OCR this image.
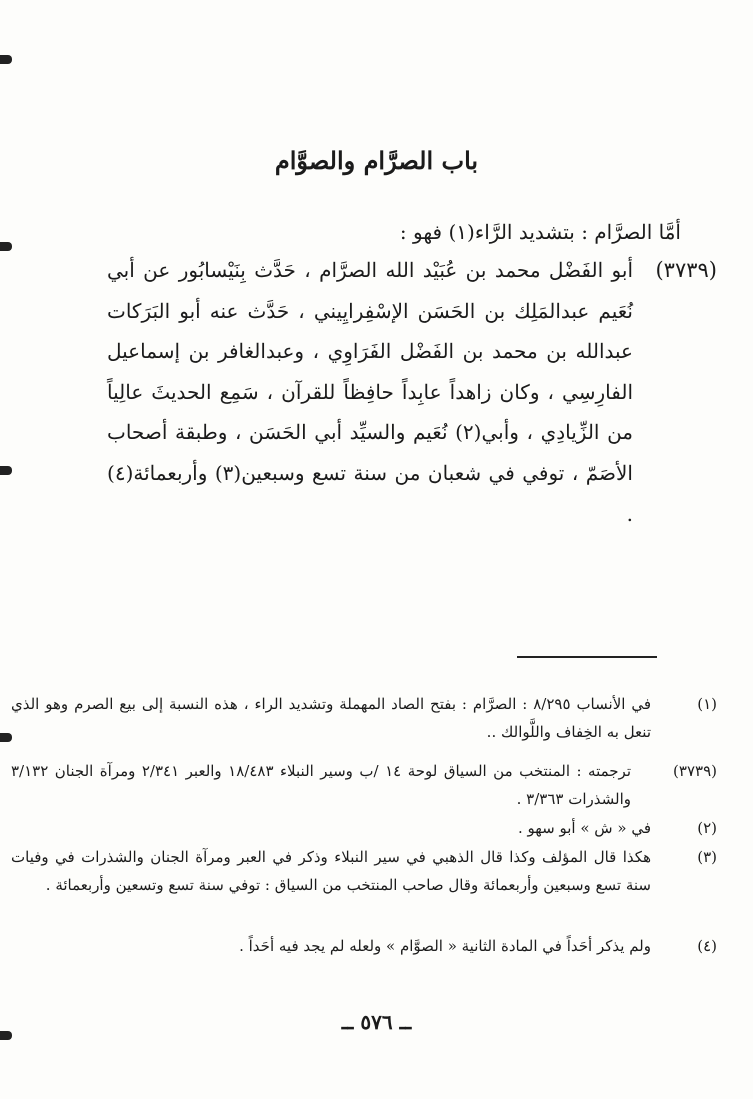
باب الصرَّام والصوَّام

أمَّا الصرَّام : بتشديد الرَّاء(١) فهو :

(٣٧٣٩)

أبو الفَضْل محمد بن عُبَيْد الله الصرَّام ، حَدَّث بِنَيْسابُور عن أبي نُعَيم عبدالمَلِك بن الحَسَن الإسْفِرايِيني ، حَدَّث عنه أبو البَرَكات عبدالله بن محمد بن الفَضْل الفَرَاوِي ، وعبدالغافر بن إسماعيل الفارِسِي ، وكان زاهداً عابِداً حافِظاً للقرآن ، سَمِع الحديثَ عالِياً من الزِّيادِي ، وأبي(٢) نُعَيم والسيِّد أبي الحَسَن ، وطبقة أصحاب الأصَمّ ، توفي في شعبان من سنة تسع وسبعين(٣) وأربعمائة(٤) .

(١)

في الأنساب ٨/٢٩٥ : الصرَّام : بفتح الصاد المهملة وتشديد الراء ، هذه النسبة إلى بيع الصرم وهو الذي تنعل به الخِفاف واللَّوالك ..

(٣٧٣٩)

ترجمته : المنتخب من السياق لوحة ١٤ /ب وسير النبلاء ١٨/٤٨٣ والعبر ٢/٣٤١ ومرآة الجنان ٣/١٣٢ والشذرات ٣/٣٦٣ .

(٢)

في « ش » أبو سهو .

(٣)

هكذا قال المؤلف وكذا قال الذهبي في سير النبلاء وذكر في العبر ومرآة الجنان والشذرات في وفيات سنة تسع وسبعين وأربعمائة وقال صاحب المنتخب من السياق : توفي سنة تسع وتسعين وأربعمائة .

(٤)

ولم يذكر أحَداً في المادة الثانية « الصوَّام » ولعله لم يجد فيه أحَداً .

ــ ٥٧٦ ــ
